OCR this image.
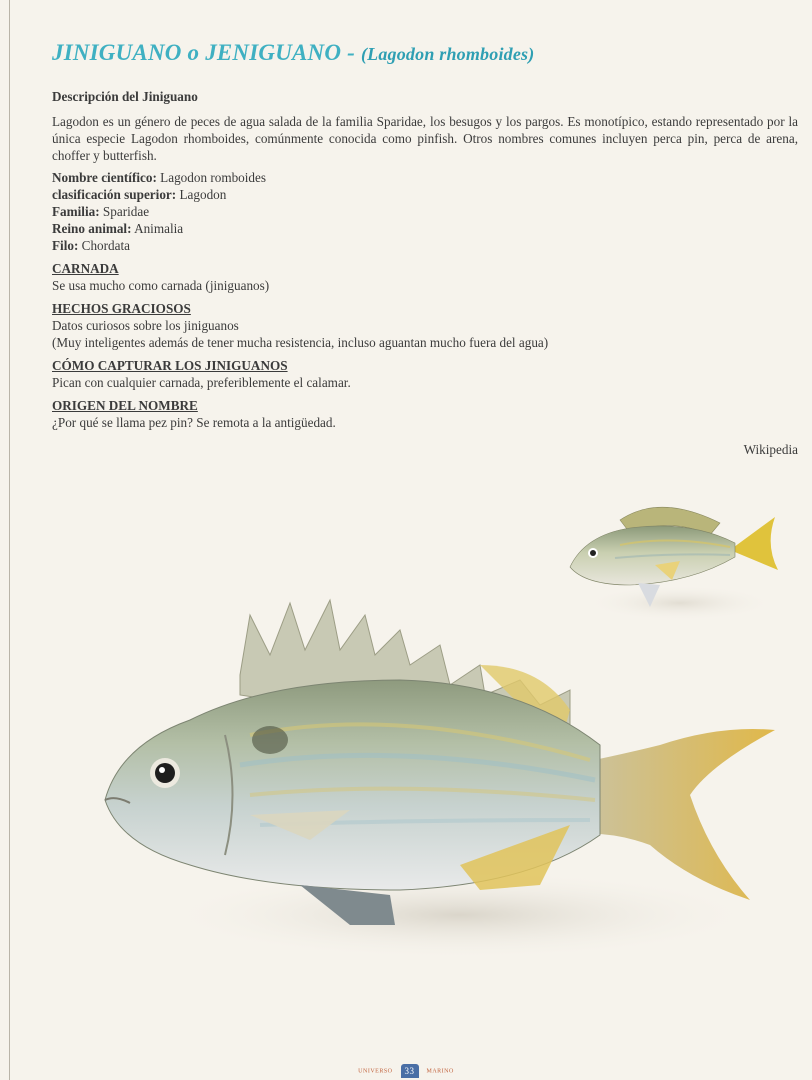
JINIGUANO o JENIGUANO - (Lagodon rhomboides)

Descripción del Jiniguano

Lagodon es un género de peces de agua salada de la familia Sparidae, los besugos y los pargos. Es monotípico, estando representado por la única especie Lagodon rhomboides, comúnmente conocida como pinfish. Otros nombres comunes incluyen perca pin, perca de arena, choffer y butterfish.

Nombre científico: Lagodon romboides
clasificación superior: Lagodon
Familia: Sparidae
Reino animal: Animalia
Filo: Chordata

CARNADA

Se usa mucho como carnada (jiniguanos)

HECHOS GRACIOSOS

Datos curiosos sobre los jiniguanos

(Muy inteligentes además de tener mucha resistencia, incluso aguantan mucho fuera del agua)

CÓMO CAPTURAR LOS JINIGUANOS

Pican con cualquier carnada, preferiblemente el calamar.

ORIGEN DEL NOMBRE

¿Por qué se llama pez pin? Se remota a la antigüedad.

Wikipedia

UNIVERSO 33 MARINO
